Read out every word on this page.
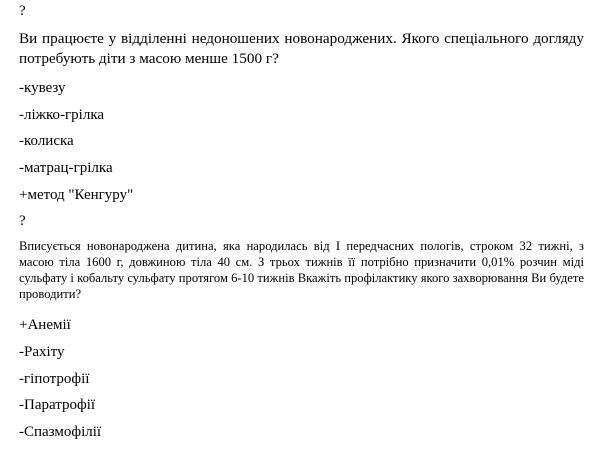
?
Ви працюєте у відділенні недоношених новонароджених. Якого спеціального догляду потребують діти з масою менше 1500 г?
-кувезу
-ліжко-грілка
-колиска
-матрац-грілка
+метод "Кенгуру"
?
Вписується новонароджена дитина, яка народилась від І передчасних пологів, строком 32 тижні, з масою тіла 1600 г, довжиною тіла 40 см. З трьох тижнів її потрібно призначити 0,01% розчин міді сульфату і кобальту сульфату протягом 6-10 тижнів Вкажіть профілактику якого захворювання Ви будете проводити?
+Анемії
-Рахіту
-гіпотрофії
-Паратрофії
-Спазмофілії
